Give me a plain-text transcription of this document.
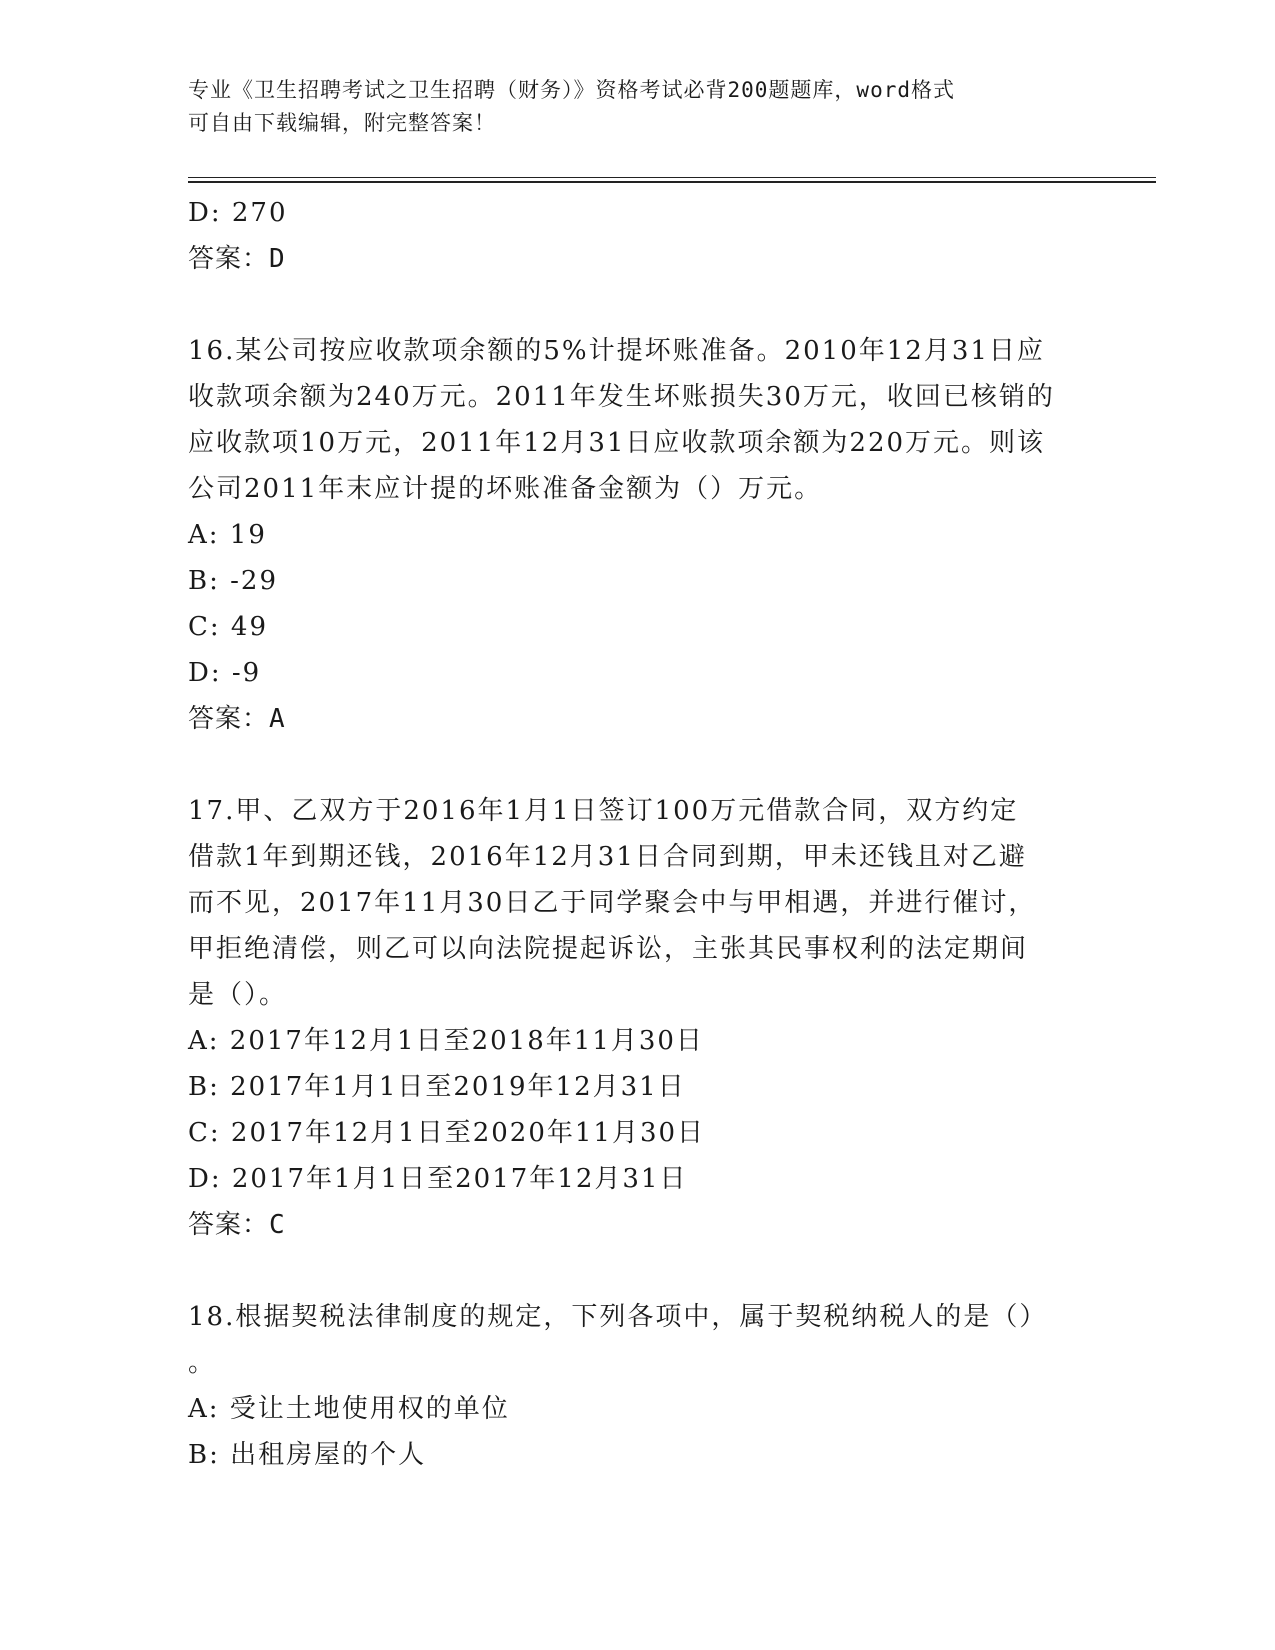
专业《卫生招聘考试之卫生招聘（财务）》资格考试必背200题题库，word格式
可自由下载编辑，附完整答案！
D: 270
答案：D
16.某公司按应收款项余额的5%计提坏账准备。2010年12月31日应
收款项余额为240万元。2011年发生坏账损失30万元，收回已核销的
应收款项10万元，2011年12月31日应收款项余额为220万元。则该
公司2011年末应计提的坏账准备金额为（）万元。
A: 19
B: -29
C: 49
D: -9
答案：A
17.甲、乙双方于2016年1月1日签订100万元借款合同，双方约定
借款1年到期还钱，2016年12月31日合同到期，甲未还钱且对乙避
而不见，2017年11月30日乙于同学聚会中与甲相遇，并进行催讨，
甲拒绝清偿，则乙可以向法院提起诉讼，主张其民事权利的法定期间
是（）。
A: 2017年12月1日至2018年11月30日
B: 2017年1月1日至2019年12月31日
C: 2017年12月1日至2020年11月30日
D: 2017年1月1日至2017年12月31日
答案：C
18.根据契税法律制度的规定，下列各项中，属于契税纳税人的是（）
。
A: 受让土地使用权的单位
B: 出租房屋的个人
